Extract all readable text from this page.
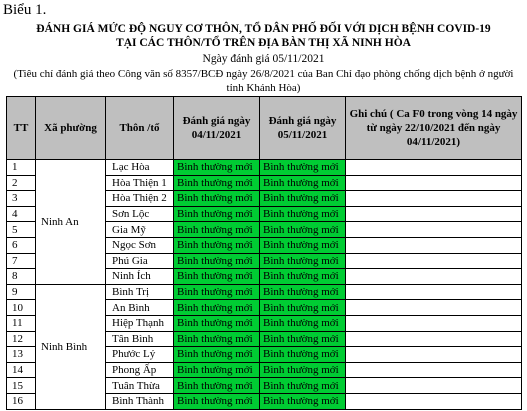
Biểu 1.
ĐÁNH GIÁ MỨC ĐỘ NGUY CƠ THÔN, TỔ DÂN PHỐ ĐỐI VỚI DỊCH BỆNH COVID-19
TẠI CÁC THÔN/TỔ TRÊN ĐỊA BÀN THỊ XÃ NINH HÒA
Ngày đánh giá 05/11/2021
(Tiêu chí đánh giá theo Công văn số 8357/BCĐ ngày 26/8/2021 của Ban Chỉ đạo phòng chống dịch bệnh ở người tỉnh Khánh Hòa)
TT	Xã phường	Thôn /tổ	Đánh giá ngày 04/11/2021	Đánh giá ngày 05/11/2021	Ghi chú ( Ca F0 trong vòng 14 ngày từ ngày 22/10/2021 đến ngày 04/11/2021)
1	Ninh An	Lạc Hòa	Bình thường mới	Bình thường mới	
2		Hòa Thiện 1	Bình thường mới	Bình thường mới	
3		Hòa Thiện 2	Bình thường mới	Bình thường mới	
4		Sơn Lộc	Bình thường mới	Bình thường mới	
5		Gia Mỹ	Bình thường mới	Bình thường mới	
6		Ngọc Sơn	Bình thường mới	Bình thường mới	
7		Phú Gia	Bình thường mới	Bình thường mới	
8		Ninh Ích	Bình thường mới	Bình thường mới	
9	Ninh Bình	Bình Trị	Bình thường mới	Bình thường mới	
10		An Bình	Bình thường mới	Bình thường mới	
11		Hiệp Thạnh	Bình thường mới	Bình thường mới	
12		Tân Bình	Bình thường mới	Bình thường mới	
13		Phước Lý	Bình thường mới	Bình thường mới	
14		Phong Ấp	Bình thường mới	Bình thường mới	
15		Tuân Thừa	Bình thường mới	Bình thường mới	
16		Bình Thành	Bình thường mới	Bình thường mới	
